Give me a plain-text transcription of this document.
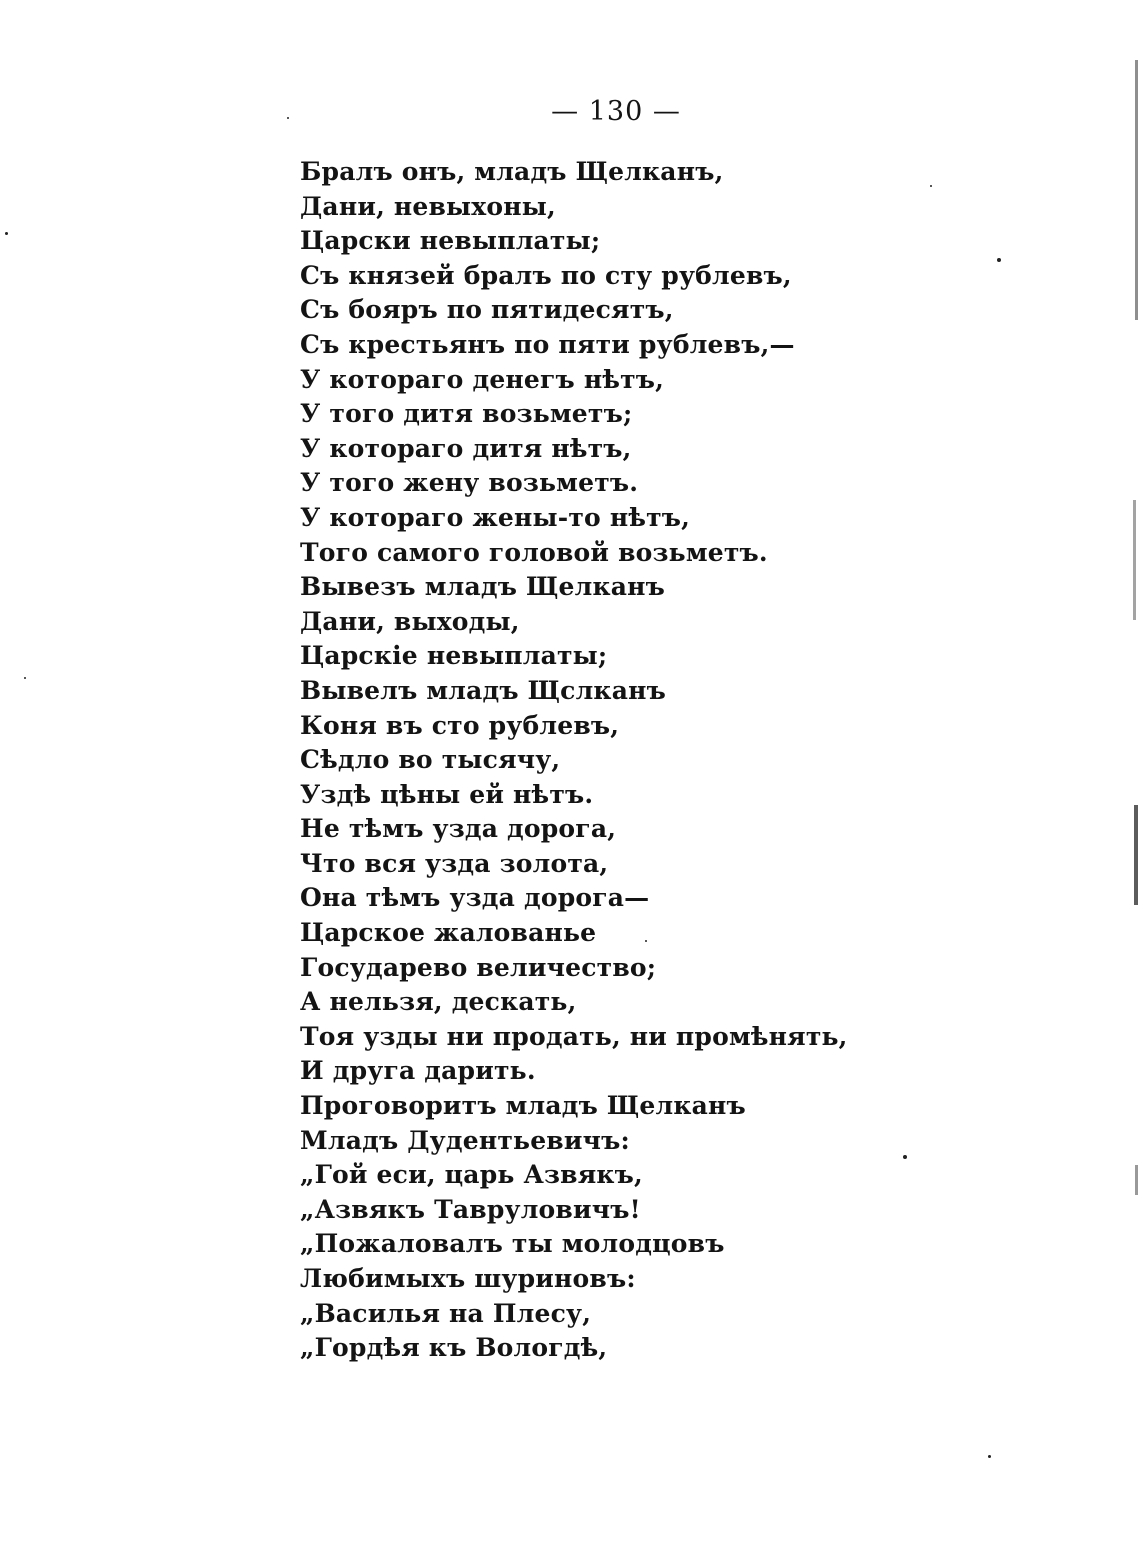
— 130 —
Бралъ онъ, младъ Щелканъ,
Дани, невыхоны,
Царски невыплаты;
Съ князей бралъ по сту рублевъ,
Съ бояръ по пятидесятъ,
Съ крестьянъ по пяти рублевъ,—
У котораго денегъ нѣтъ,
У того дитя возьметъ;
У котораго дитя нѣтъ,
У того жену возьметъ.
У котораго жены-то нѣтъ,
Того самого головой возьметъ.
Вывезъ младъ Щелканъ
Дани, выходы,
Царскіе невыплаты;
Вывелъ младъ Щслканъ
Коня въ сто рублевъ,
Сѣдло во тысячу,
Уздѣ цѣны ей нѣтъ.
Не тѣмъ узда дорога,
Что вся узда золота,
Она тѣмъ узда дорога—
Царское жалованье
Государево величество;
А нельзя, дескать,
Тоя узды ни продать, ни промѣнять,
И друга дарить.
Проговоритъ младъ Щелканъ
Младъ Дудентьевичъ:
„Гой еси, царь Азвякъ,
„Азвякъ Тавруловичъ!
„Пожаловалъ ты молодцовъ
Любимыхъ шуриновъ:
„Василья на Плесу,
„Гордѣя къ Вологдѣ,
